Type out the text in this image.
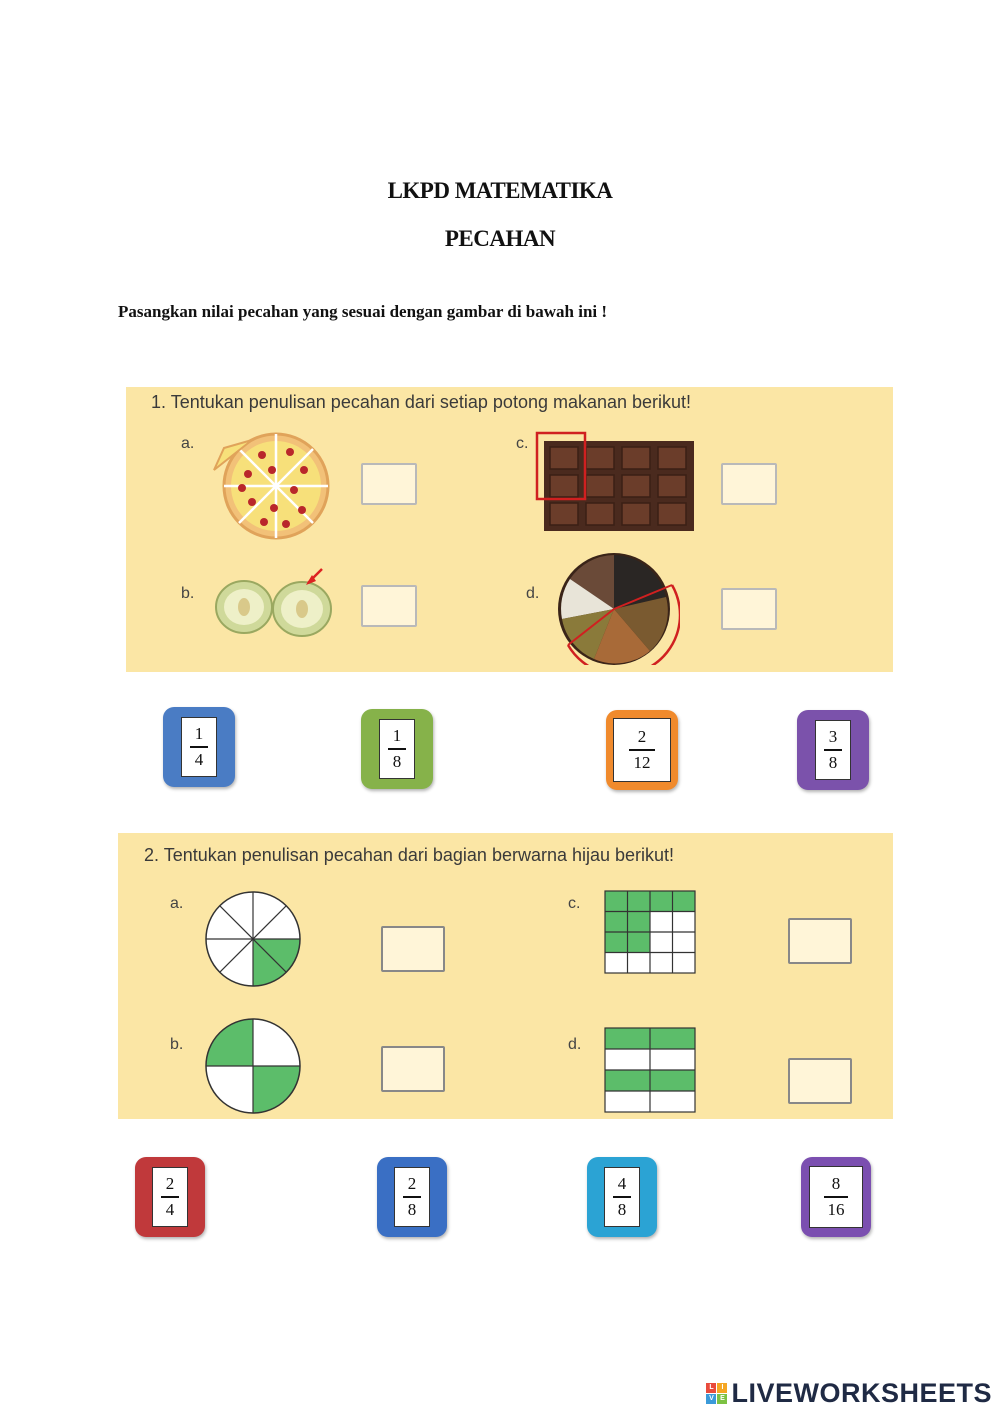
LKPD MATEMATIKA
PECAHAN
Pasangkan nilai pecahan yang sesuai dengan gambar di bawah ini !
1. Tentukan penulisan pecahan dari setiap potong makanan berikut!
a.
b.
c.
d.
$\frac{1}{4}$	$\frac{1}{8}$	$\frac{2}{12}$	$\frac{3}{8}$
2. Tentukan penulisan pecahan dari bagian berwarna hijau berikut!
a.
b.
c.
d.
$\frac{2}{4}$	$\frac{2}{8}$	$\frac{4}{8}$	$\frac{8}{16}$
L	I
V E LIVEWORKSHEETS
